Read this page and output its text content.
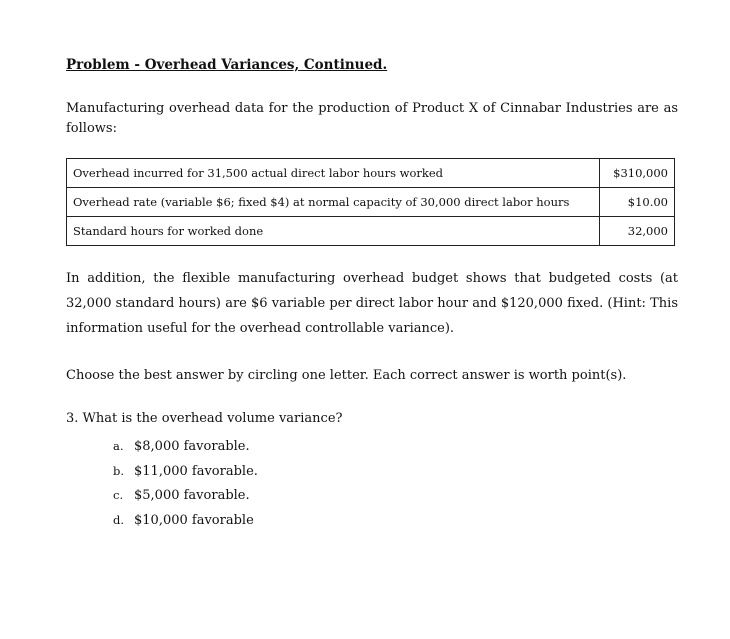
Problem - Overhead Variances, Continued.

Manufacturing overhead data for the production of Product X of Cinnabar Industries are as follows:

Overhead incurred for 31,500 actual direct labor hours worked	$310,000
Overhead rate (variable $6; fixed $4) at normal capacity of 30,000 direct labor hours	$10.00
Standard hours for worked done	32,000

In addition, the flexible manufacturing overhead budget shows that budgeted costs (at 32,000 standard hours) are $6 variable per direct labor hour and $120,000 fixed. (Hint: This information useful for the overhead controllable variance).

Choose the best answer by circling one letter. Each correct answer is worth point(s).

3. What is the overhead volume variance?

a. $8,000 favorable.
b. $11,000 favorable.
c. $5,000 favorable.
d. $10,000 favorable
